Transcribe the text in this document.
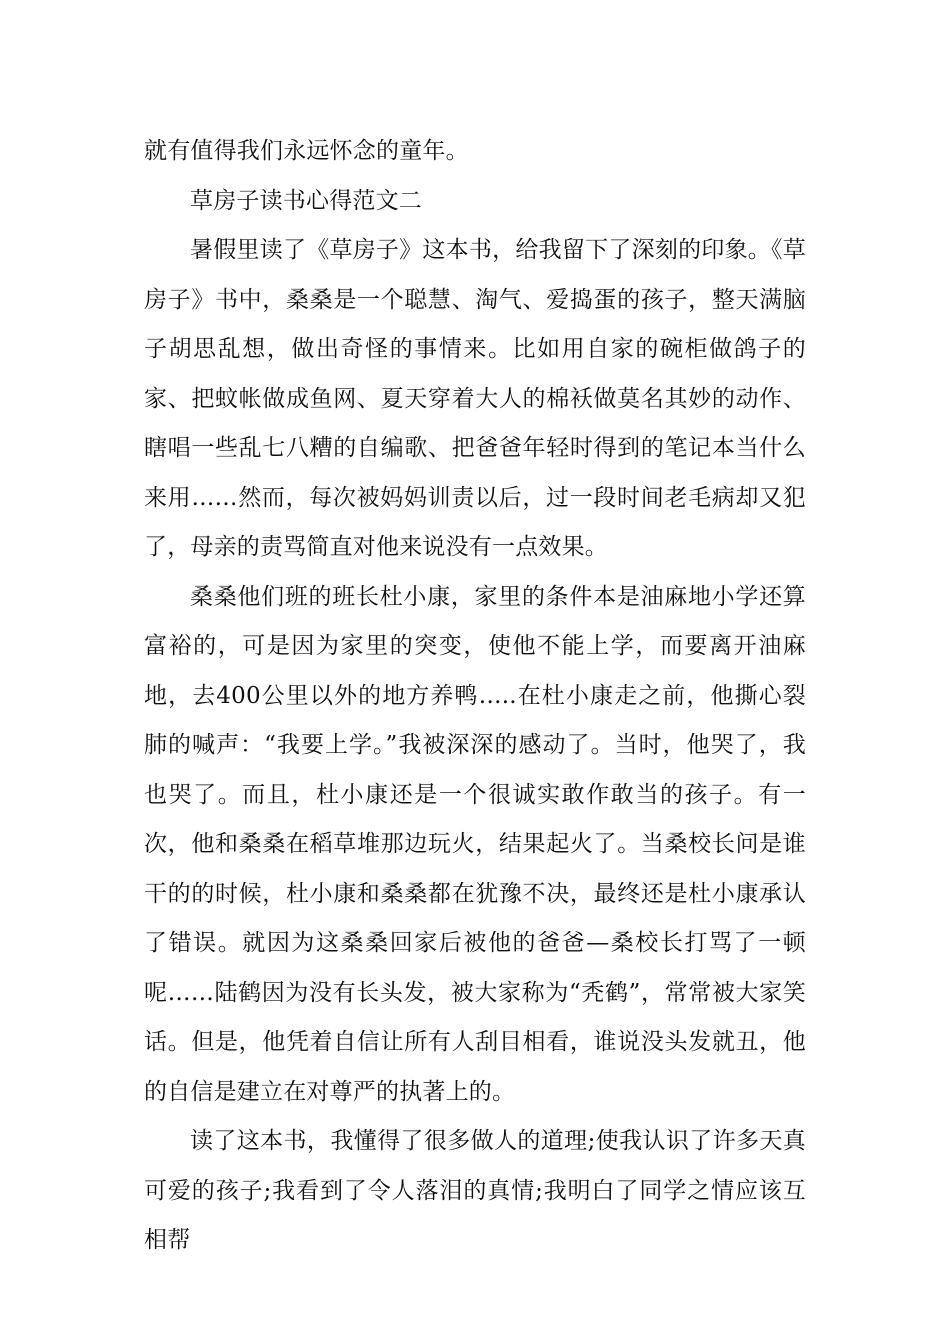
就有值得我们永远怀念的童年。

草房子读书心得范文二

暑假里读了《草房子》这本书，给我留下了深刻的印象。《草房子》书中，桑桑是一个聪慧、淘气、爱捣蛋的孩子，整天满脑子胡思乱想，做出奇怪的事情来。比如用自家的碗柜做鸽子的家、把蚊帐做成鱼网、夏天穿着大人的棉袄做莫名其妙的动作、瞎唱一些乱七八糟的自编歌、把爸爸年轻时得到的笔记本当什么来用……然而，每次被妈妈训责以后，过一段时间老毛病却又犯了，母亲的责骂简直对他来说没有一点效果。

桑桑他们班的班长杜小康，家里的条件本是油麻地小学还算富裕的，可是因为家里的突变，使他不能上学，而要离开油麻地，去400公里以外的地方养鸭…..在杜小康走之前，他撕心裂肺的喊声：“我要上学。”我被深深的感动了。当时，他哭了，我也哭了。而且，杜小康还是一个很诚实敢作敢当的孩子。有一次，他和桑桑在稻草堆那边玩火，结果起火了。当桑校长问是谁干的的时候，杜小康和桑桑都在犹豫不决，最终还是杜小康承认了错误。就因为这桑桑回家后被他的爸爸—桑校长打骂了一顿呢……陆鹤因为没有长头发，被大家称为“秃鹤”，常常被大家笑话。但是，他凭着自信让所有人刮目相看，谁说没头发就丑，他的自信是建立在对尊严的执著上的。

读了这本书，我懂得了很多做人的道理;使我认识了许多天真可爱的孩子;我看到了令人落泪的真情;我明白了同学之情应该互相帮
